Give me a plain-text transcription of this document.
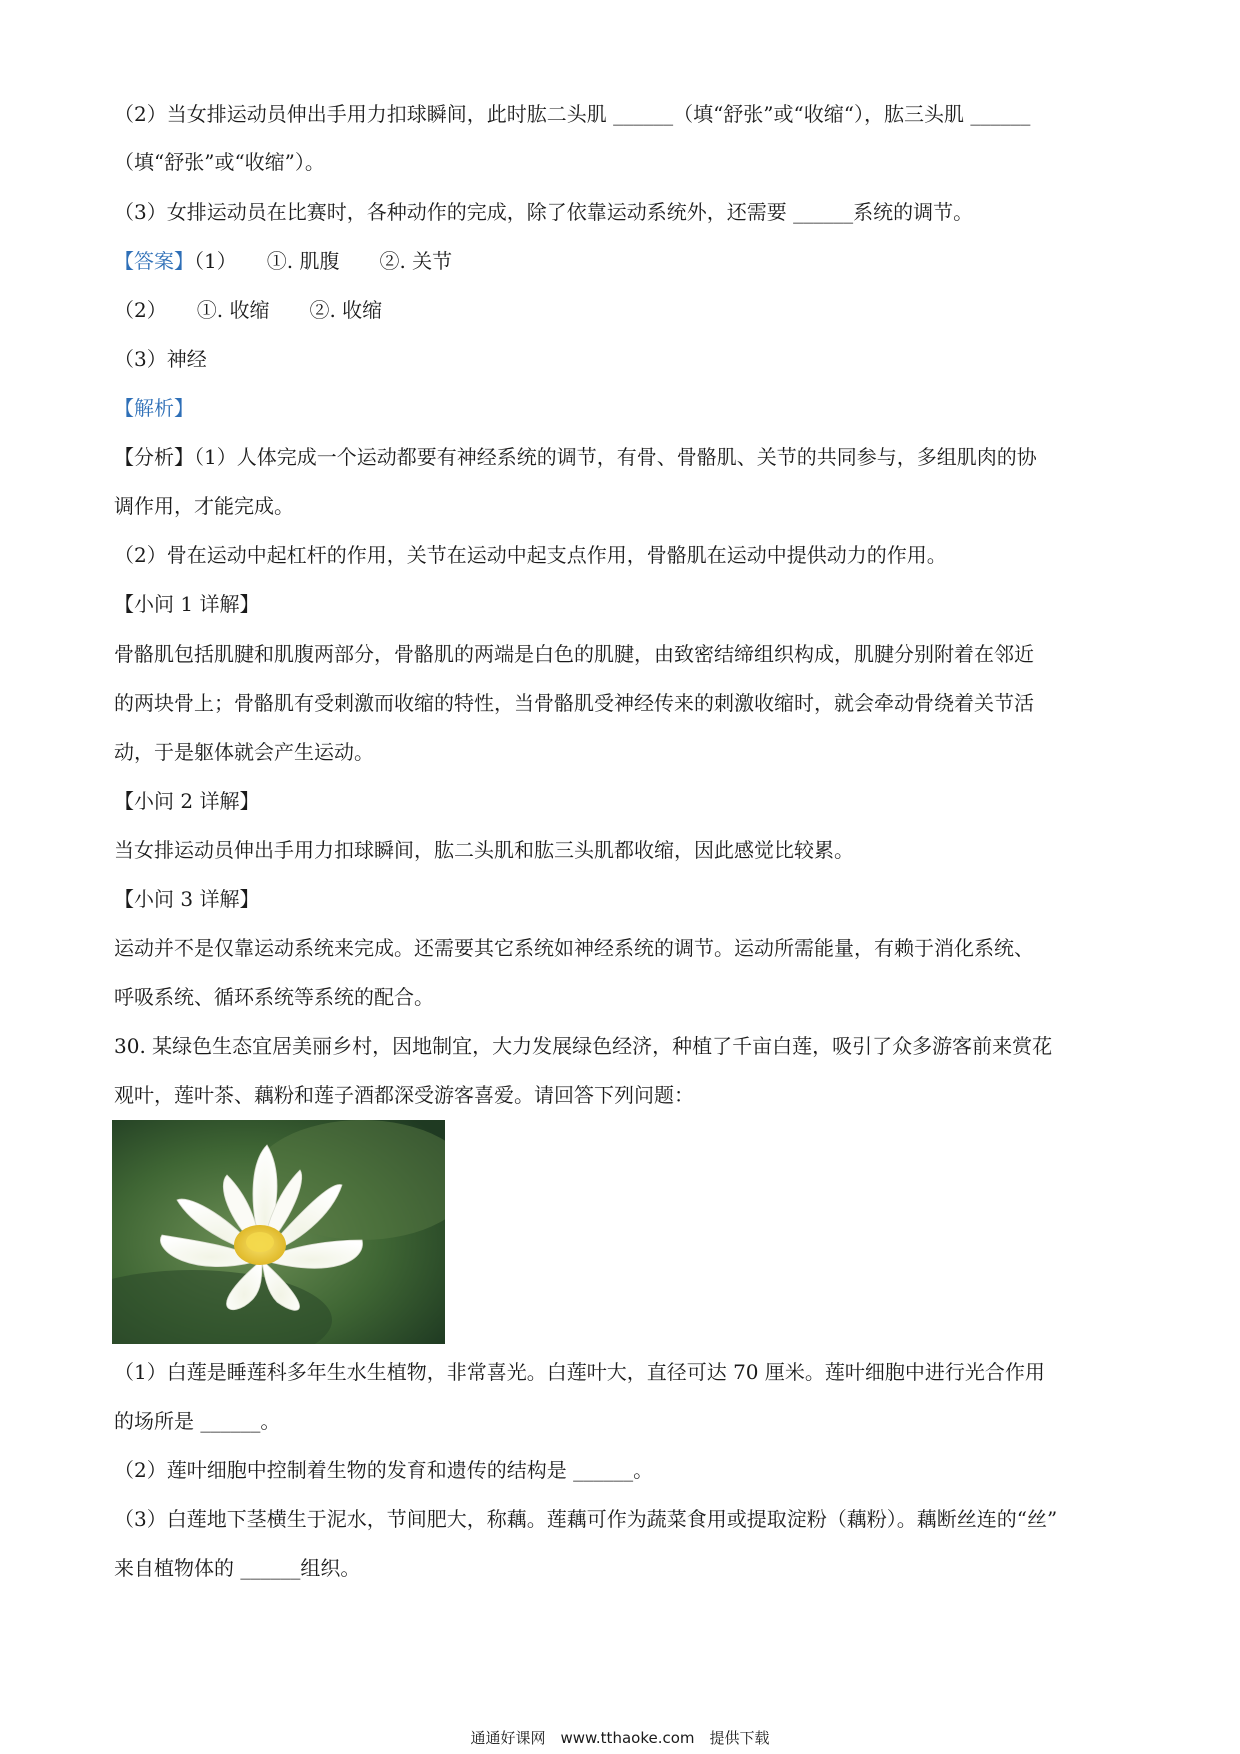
（2）当女排运动员伸出手用力扣球瞬间，此时肱二头肌 ______（填“舒张”或“收缩“），肱三头肌 ______
（填“舒张”或“收缩”）。
（3）女排运动员在比赛时，各种动作的完成，除了依靠运动系统外，还需要 ______系统的调节。
【答案】（1）　　①. 肌腹　　②. 关节
（2）　　①. 收缩　　②. 收缩
（3）神经
【解析】
【分析】（1）人体完成一个运动都要有神经系统的调节，有骨、骨骼肌、关节的共同参与，多组肌肉的协
调作用，才能完成。
（2）骨在运动中起杠杆的作用，关节在运动中起支点作用，骨骼肌在运动中提供动力的作用。
【小问 1 详解】
骨骼肌包括肌腱和肌腹两部分，骨骼肌的两端是白色的肌腱，由致密结缔组织构成，肌腱分别附着在邻近
的两块骨上；骨骼肌有受刺激而收缩的特性，当骨骼肌受神经传来的刺激收缩时，就会牵动骨绕着关节活
动，于是躯体就会产生运动。
【小问 2 详解】
当女排运动员伸出手用力扣球瞬间，肱二头肌和肱三头肌都收缩，因此感觉比较累。
【小问 3 详解】
运动并不是仅靠运动系统来完成。还需要其它系统如神经系统的调节。运动所需能量，有赖于消化系统、
呼吸系统、循环系统等系统的配合。
30. 某绿色生态宜居美丽乡村，因地制宜，大力发展绿色经济，种植了千亩白莲，吸引了众多游客前来赏花
观叶，莲叶茶、藕粉和莲子酒都深受游客喜爱。请回答下列问题：
（1）白莲是睡莲科多年生水生植物，非常喜光。白莲叶大，直径可达 70 厘米。莲叶细胞中进行光合作用
的场所是 ______。
（2）莲叶细胞中控制着生物的发育和遗传的结构是 ______。
（3）白莲地下茎横生于泥水，节间肥大，称藕。莲藕可作为蔬菜食用或提取淀粉（藕粉）。藕断丝连的“丝”
来自植物体的 ______组织。
通通好课网　www.tthaoke.com　提供下载
